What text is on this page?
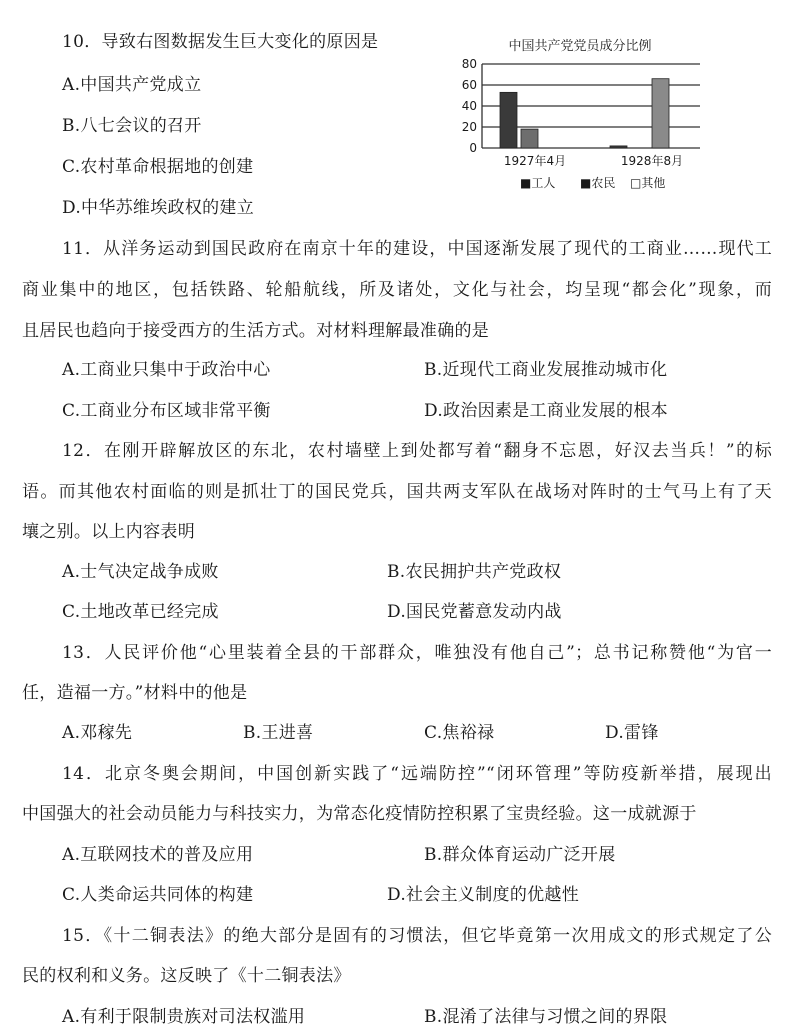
10．导致右图数据发生巨大变化的原因是
A.中国共产党成立
B.八七会议的召开
C.农村革命根据地的创建
D.中华苏维埃政权的建立
中国共产党党员成分比例
0
20
40
60
80
1927年4月	1928年8月
■工人 ■农民 □其他
11．从洋务运动到国民政府在南京十年的建设，中国逐渐发展了现代的工商业……现代工
商业集中的地区，包括铁路、轮船航线，所及诸处，文化与社会，均呈现“都会化”现象，而
且居民也趋向于接受西方的生活方式。对材料理解最准确的是
A.工商业只集中于政治中心	B.近现代工商业发展推动城市化
C.工商业分布区域非常平衡	D.政治因素是工商业发展的根本
12．在刚开辟解放区的东北，农村墙壁上到处都写着“翻身不忘恩，好汉去当兵！”的标
语。而其他农村面临的则是抓壮丁的国民党兵，国共两支军队在战场对阵时的士气马上有了天
壤之别。以上内容表明
A.士气决定战争成败	B.农民拥护共产党政权
C.土地改革已经完成	D.国民党蓄意发动内战
13．人民评价他“心里装着全县的干部群众，唯独没有他自己”；总书记称赞他“为官一
任，造福一方。”材料中的他是
A.邓稼先	B.王进喜	C.焦裕禄	D.雷锋
14．北京冬奥会期间，中国创新实践了“远端防控”“闭环管理”等防疫新举措，展现出
中国强大的社会动员能力与科技实力，为常态化疫情防控积累了宝贵经验。这一成就源于
A.互联网技术的普及应用	B.群众体育运动广泛开展
C.人类命运共同体的构建	D.社会主义制度的优越性
15．《十二铜表法》的绝大部分是固有的习惯法，但它毕竟第一次用成文的形式规定了公
民的权利和义务。这反映了《十二铜表法》
A.有利于限制贵族对司法权滥用	B.混淆了法律与习惯之间的界限
